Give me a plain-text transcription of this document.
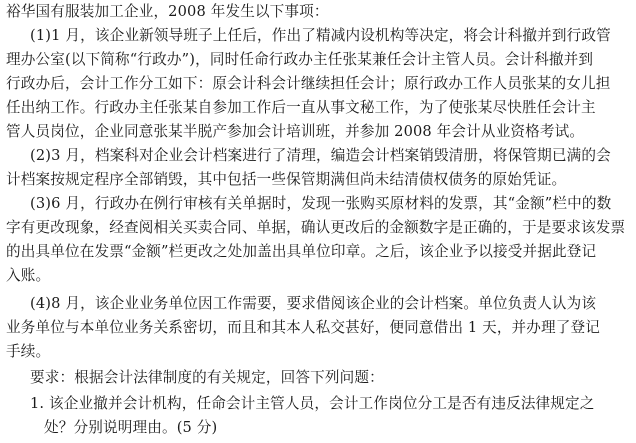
裕华国有服装加工企业，2008 年发生以下事项：
(1)1 月，该企业新领导班子上任后，作出了精减内设机构等决定，将会计科撤并到行政管
理办公室(以下简称“行政办”)，同时任命行政办主任张某兼任会计主管人员。会计科撤并到
行政办后，会计工作分工如下：原会计科会计继续担任会计；原行政办工作人员张某的女儿担
任出纳工作。行政办主任张某自参加工作后一直从事文秘工作，为了使张某尽快胜任会计主
管人员岗位，企业同意张某半脱产参加会计培训班，并参加 2008 年会计从业资格考试。
(2)3 月，档案科对企业会计档案进行了清理，编造会计档案销毁清册，将保管期已满的会
计档案按规定程序全部销毁，其中包括一些保管期满但尚未结清债权债务的原始凭证。
(3)6 月，行政办在例行审核有关单据时，发现一张购买原材料的发票，其“金额”栏中的数
字有更改现象，经查阅相关买卖合同、单据，确认更改后的金额数字是正确的，于是要求该发票
的出具单位在发票“金额”栏更改之处加盖出具单位印章。之后，该企业予以接受并据此登记
入账。
(4)8 月，该企业业务单位因工作需要，要求借阅该企业的会计档案。单位负责人认为该
业务单位与本单位业务关系密切，而且和其本人私交甚好，便同意借出 1 天，并办理了登记
手续。
要求：根据会计法律制度的有关规定，回答下列问题：
1. 该企业撤并会计机构，任命会计主管人员，会计工作岗位分工是否有违反法律规定之
处？分别说明理由。(5 分)
